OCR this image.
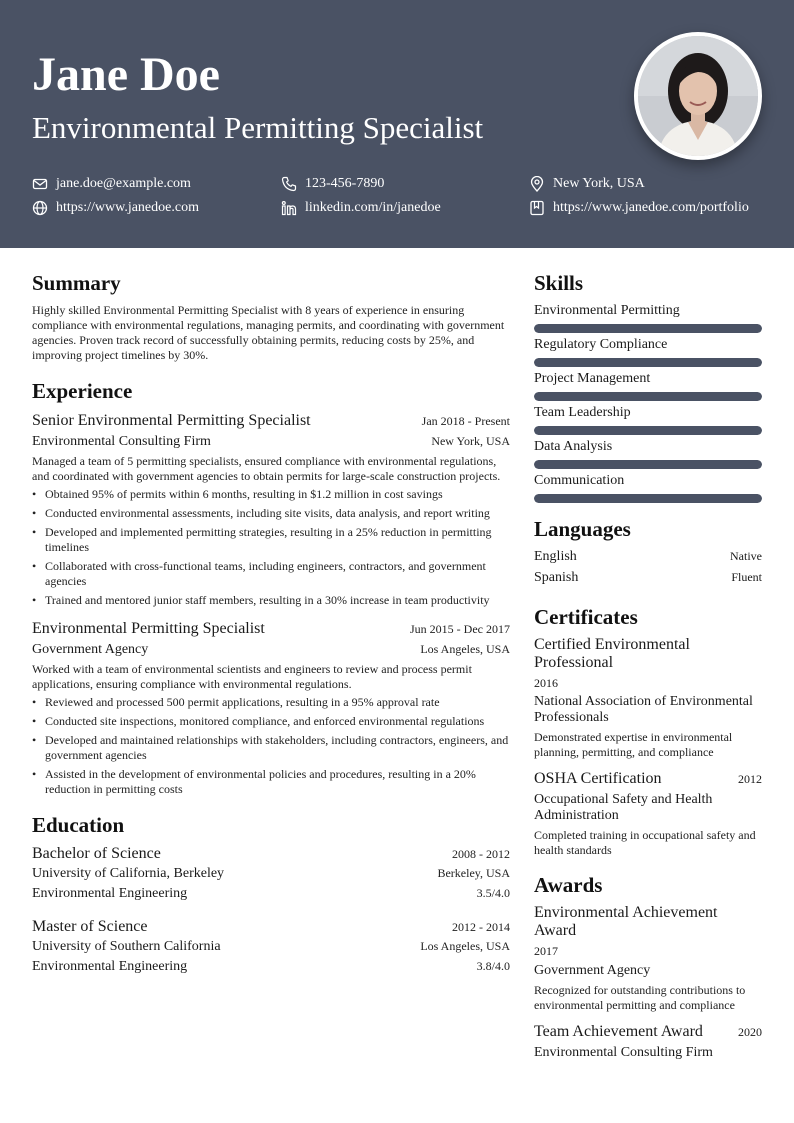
Jane Doe
Environmental Permitting Specialist
jane.doe@example.com	123-456-7890	New York, USA
https://www.janedoe.com	linkedin.com/in/janedoe	https://www.janedoe.com/portfolio
Summary
Highly skilled Environmental Permitting Specialist with 8 years of experience in ensuring compliance with environmental regulations, managing permits, and coordinating with government agencies. Proven track record of successfully obtaining permits, reducing costs by 25%, and improving project timelines by 30%.
Experience
Senior Environmental Permitting Specialist	Jan 2018 - Present
Environmental Consulting Firm	New York, USA
Managed a team of 5 permitting specialists, ensured compliance with environmental regulations, and coordinated with government agencies to obtain permits for large-scale construction projects.
• Obtained 95% of permits within 6 months, resulting in $1.2 million in cost savings
• Conducted environmental assessments, including site visits, data analysis, and report writing
• Developed and implemented permitting strategies, resulting in a 25% reduction in permitting timelines
• Collaborated with cross-functional teams, including engineers, contractors, and government agencies
• Trained and mentored junior staff members, resulting in a 30% increase in team productivity
Environmental Permitting Specialist	Jun 2015 - Dec 2017
Government Agency	Los Angeles, USA
Worked with a team of environmental scientists and engineers to review and process permit applications, ensuring compliance with environmental regulations.
• Reviewed and processed 500 permit applications, resulting in a 95% approval rate
• Conducted site inspections, monitored compliance, and enforced environmental regulations
• Developed and maintained relationships with stakeholders, including contractors, engineers, and government agencies
• Assisted in the development of environmental policies and procedures, resulting in a 20% reduction in permitting costs
Education
Bachelor of Science	2008 - 2012
University of California, Berkeley	Berkeley, USA
Environmental Engineering	3.5/4.0
Master of Science	2012 - 2014
University of Southern California	Los Angeles, USA
Environmental Engineering	3.8/4.0
Skills
Environmental Permitting
Regulatory Compliance
Project Management
Team Leadership
Data Analysis
Communication
Languages
English	Native
Spanish	Fluent
Certificates
Certified Environmental Professional
2016
National Association of Environmental Professionals
Demonstrated expertise in environmental planning, permitting, and compliance
OSHA Certification	2012
Occupational Safety and Health Administration
Completed training in occupational safety and health standards
Awards
Environmental Achievement Award
2017
Government Agency
Recognized for outstanding contributions to environmental permitting and compliance
Team Achievement Award	2020
Environmental Consulting Firm
